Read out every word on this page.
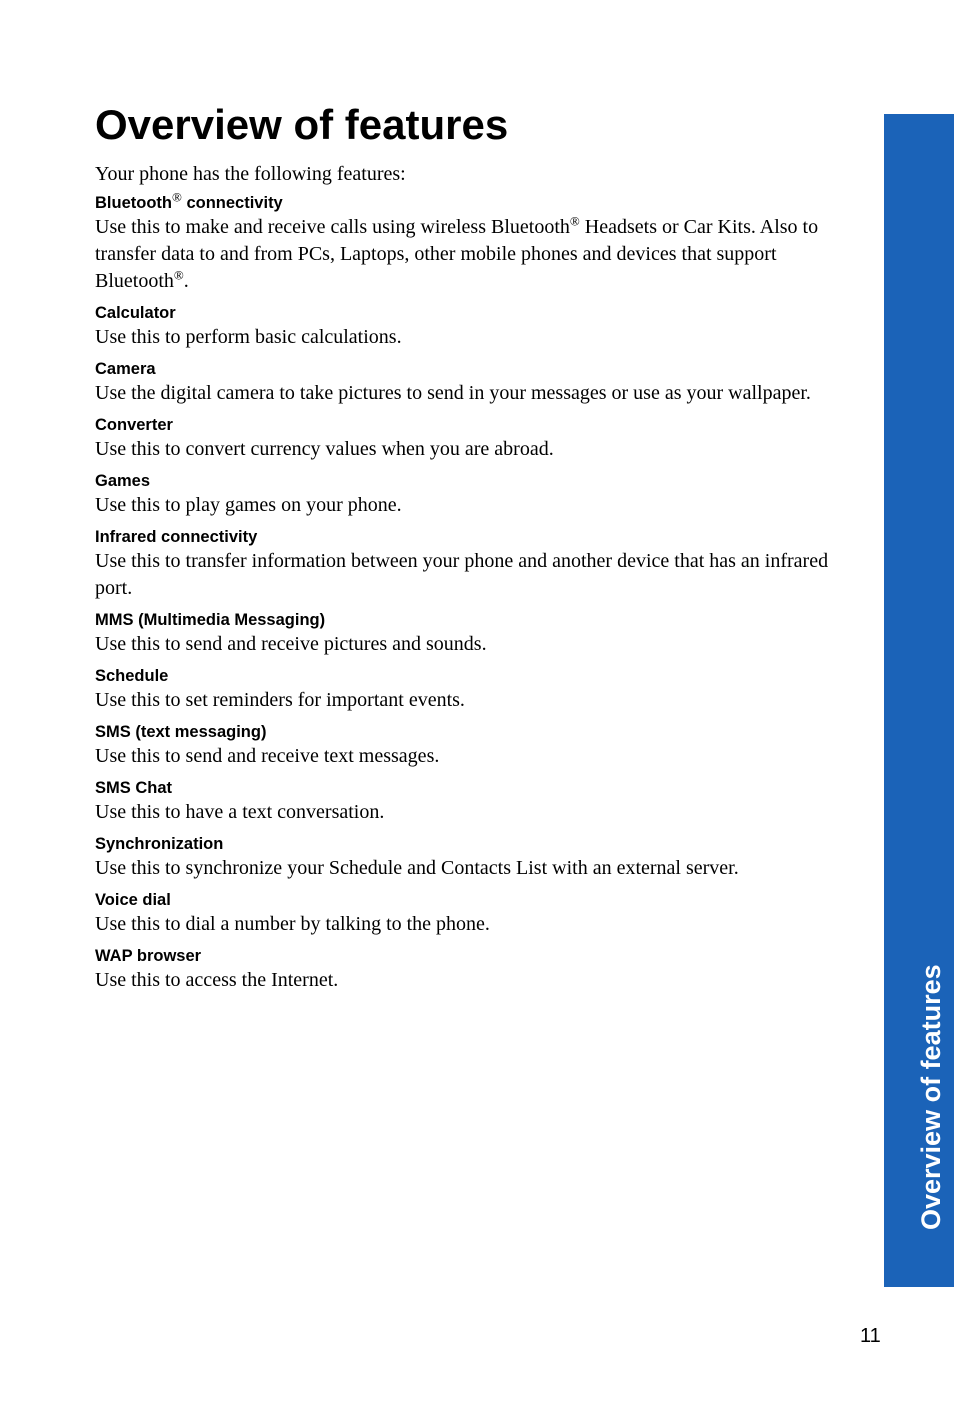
Overview of features
Your phone has the following features:
Bluetooth® connectivity
Use this to make and receive calls using wireless Bluetooth® Headsets or Car Kits. Also to transfer data to and from PCs, Laptops, other mobile phones and devices that support Bluetooth®.
Calculator
Use this to perform basic calculations.
Camera
Use the digital camera to take pictures to send in your messages or use as your wallpaper.
Converter
Use this to convert currency values when you are abroad.
Games
Use this to play games on your phone.
Infrared connectivity
Use this to transfer information between your phone and another device that has an infrared port.
MMS (Multimedia Messaging)
Use this to send and receive pictures and sounds.
Schedule
Use this to set reminders for important events.
SMS (text messaging)
Use this to send and receive text messages.
SMS Chat
Use this to have a text conversation.
Synchronization
Use this to synchronize your Schedule and Contacts List with an external server.
Voice dial
Use this to dial a number by talking to the phone.
WAP browser
Use this to access the Internet.	Overview of features
11
